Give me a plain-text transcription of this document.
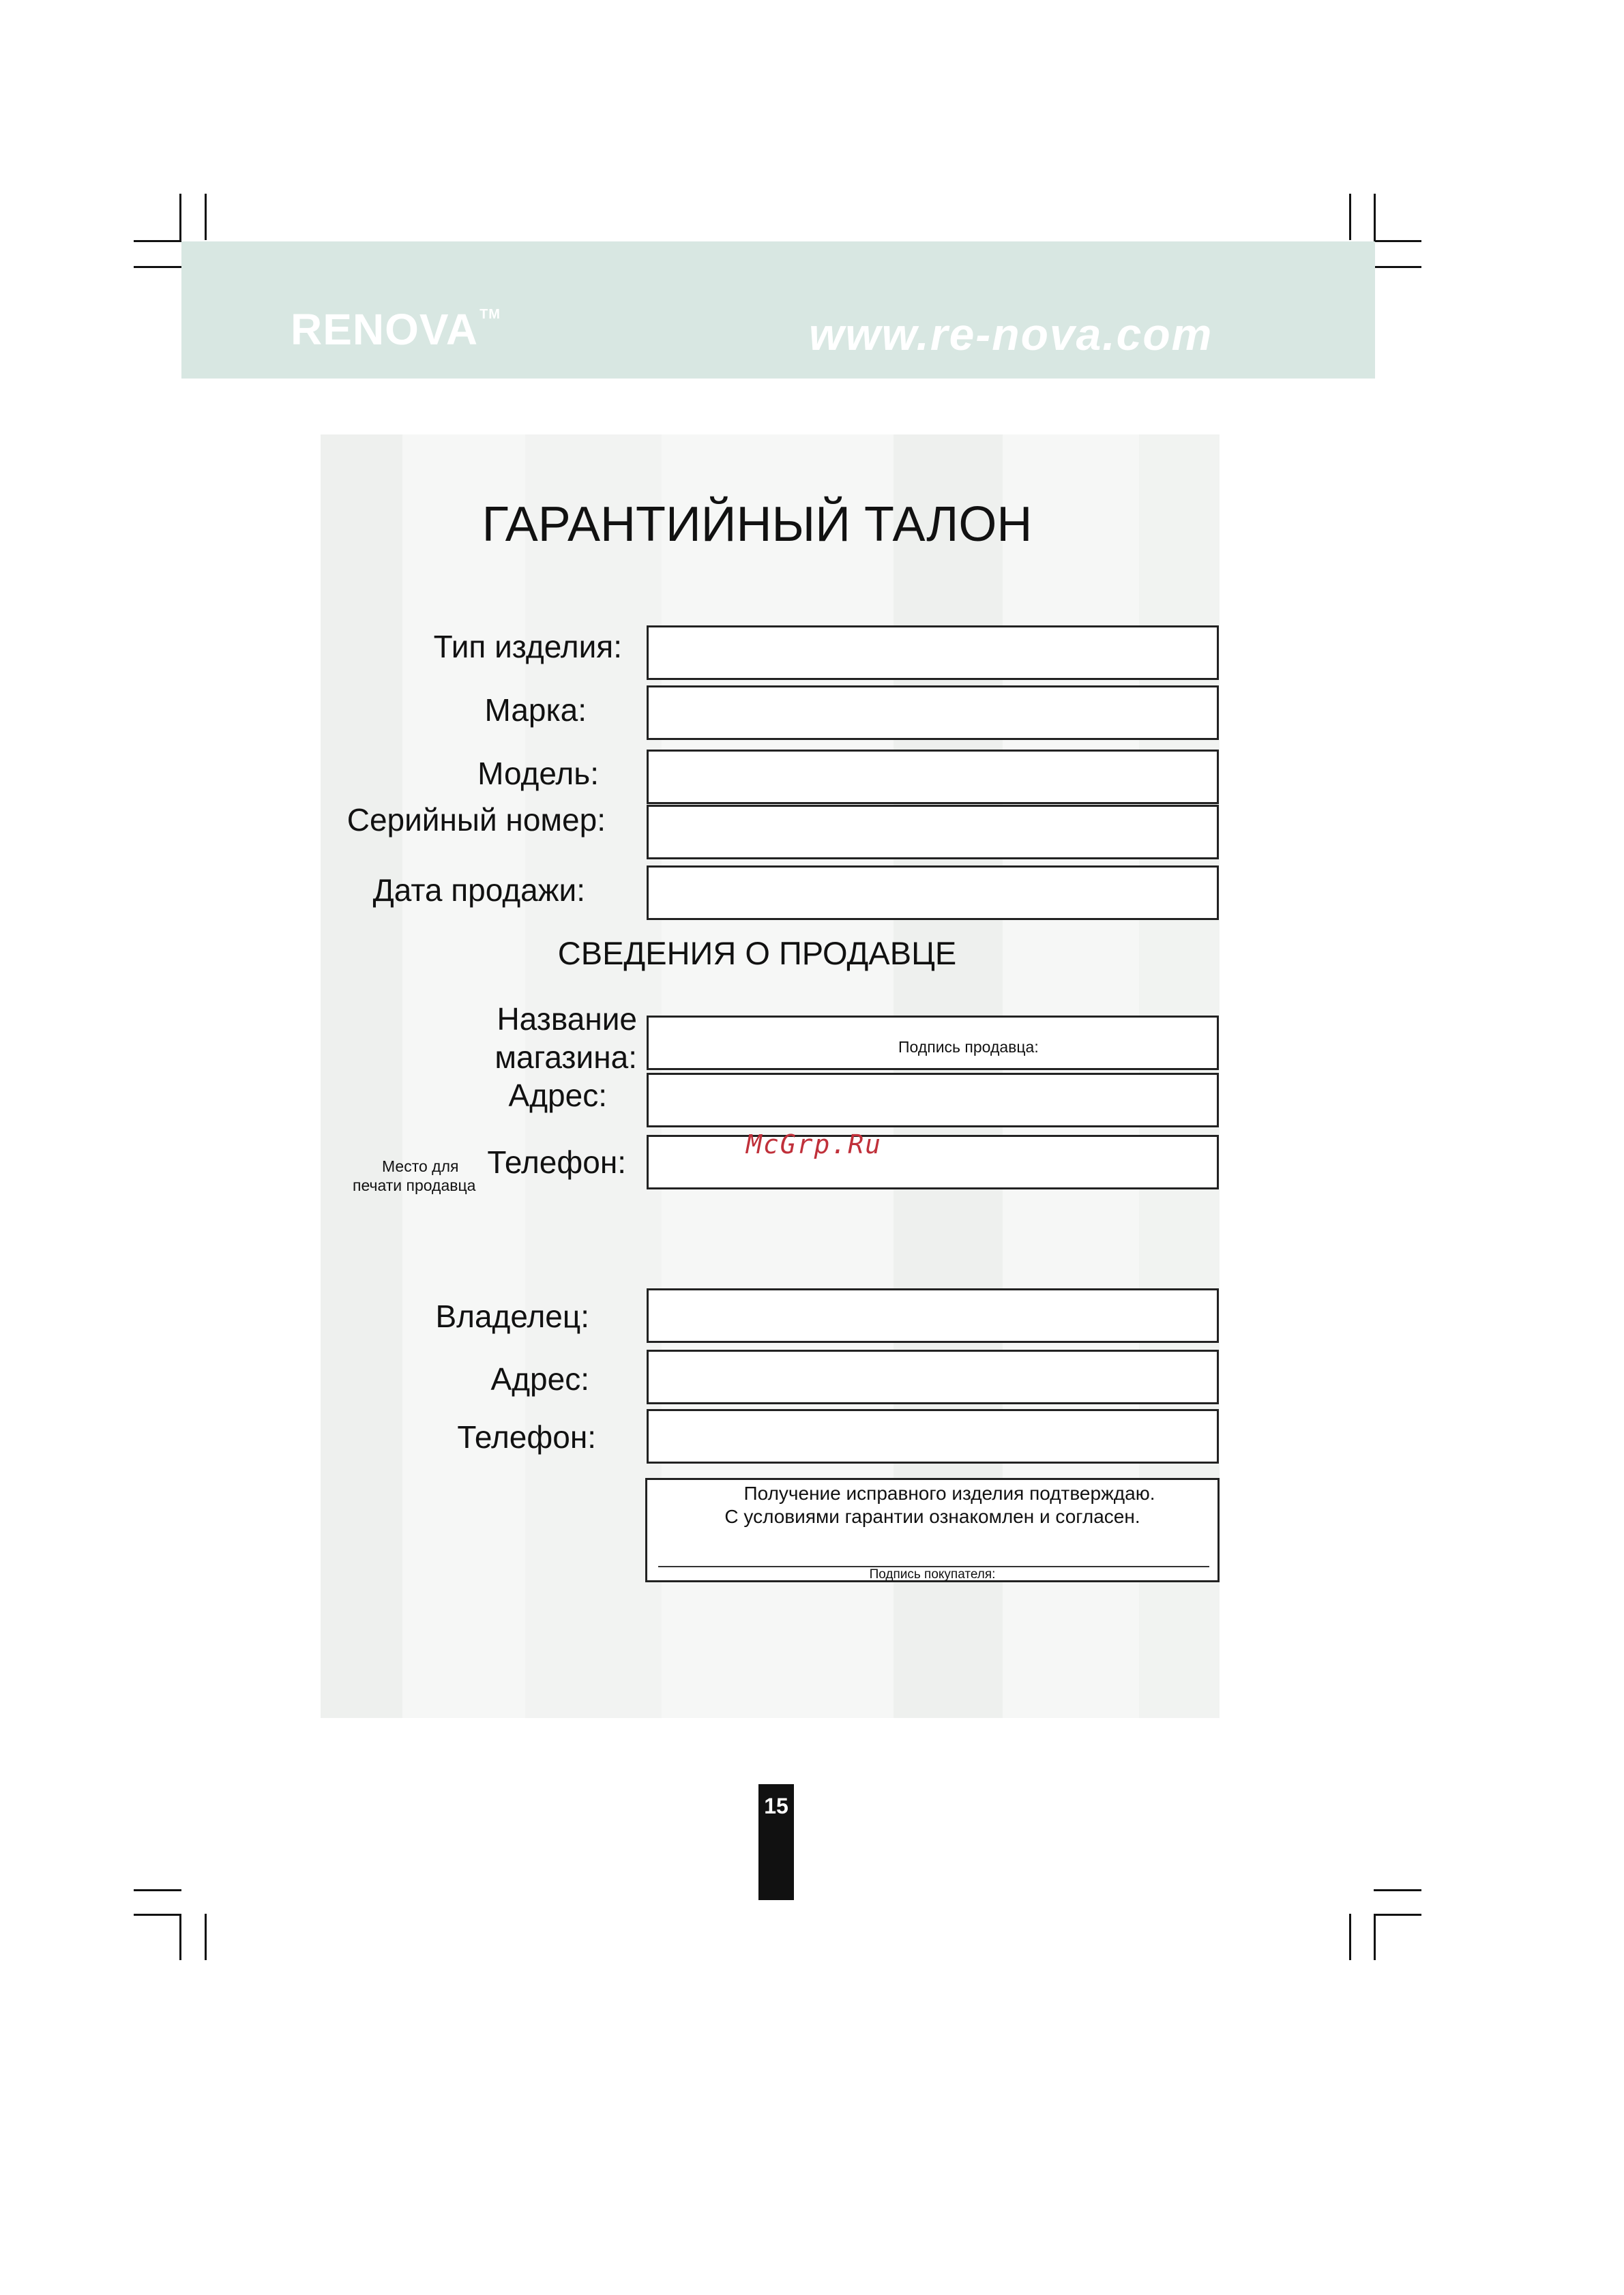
RENOVA ™	www.re-nova.com
ГАРАНТИЙНЫЙ ТАЛОН
Тип изделия:
Марка:
Модель:
Серийный номер:
Дата продажи:
СВЕДЕНИЯ О ПРОДАВЦЕ
Название
магазина:	Подпись продавца:
Адрес:
Место для
печати продавца
Телефон:	McGrp.Ru
Владелец:
Адрес:
Телефон:
Получение исправного изделия подтверждаю.
С условиями гарантии ознакомлен и согласен.
Подпись покупателя:
15
